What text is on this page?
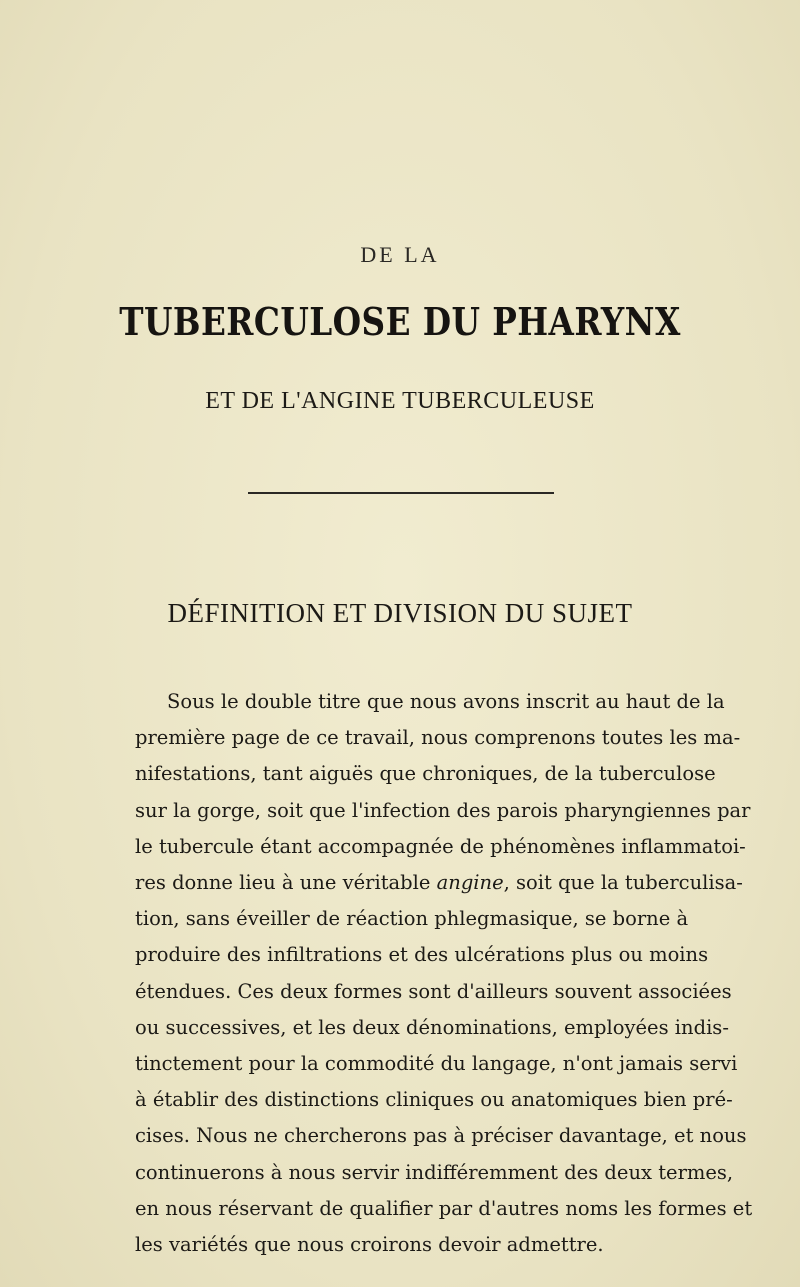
DE LA
TUBERCULOSE DU PHARYNX
ET DE L'ANGINE TUBERCULEUSE
DÉFINITION ET DIVISION DU SUJET
Sous le double titre que nous avons inscrit au haut de la
première page de ce travail, nous comprenons toutes les ma-
nifestations, tant aiguës que chroniques, de la tuberculose
sur la gorge, soit que l'infection des parois pharyngiennes par
le tubercule étant accompagnée de phénomènes inflammatoi-
res donne lieu à une véritable angine, soit que la tuberculisa-
tion, sans éveiller de réaction phlegmasique, se borne à
produire des infiltrations et des ulcérations plus ou moins
étendues. Ces deux formes sont d'ailleurs souvent associées
ou successives, et les deux dénominations, employées indis-
tinctement pour la commodité du langage, n'ont jamais servi
à établir des distinctions cliniques ou anatomiques bien pré-
cises. Nous ne chercherons pas à préciser davantage, et nous
continuerons à nous servir indifféremment des deux termes,
en nous réservant de qualifier par d'autres noms les formes et
les variétés que nous croirons devoir admettre.
